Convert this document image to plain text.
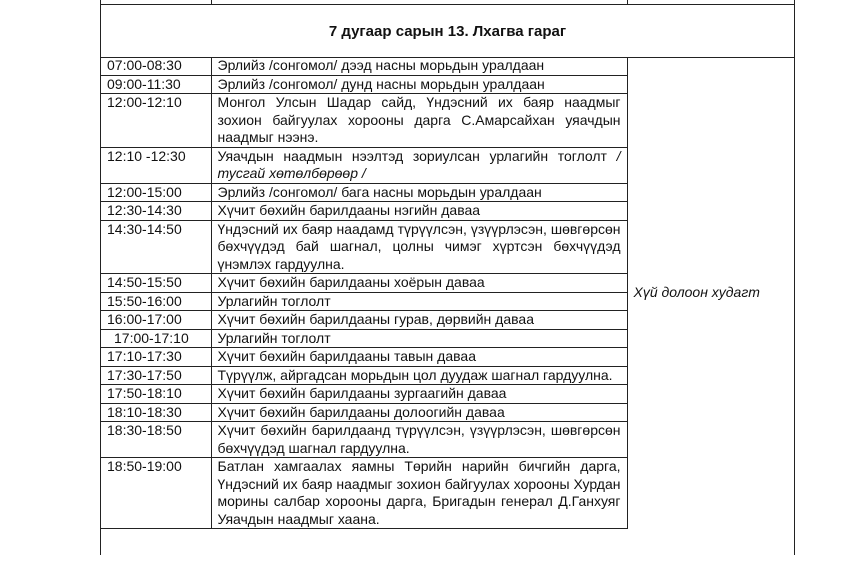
7 дугаар сарын 13. Лхагва гараг
07:00-08:30	Эрлийз /сонгомол/ дээд насны морьдын уралдаан	Хүй долоон худагт
09:00-11:30	Эрлийз /сонгомол/ дунд насны морьдын уралдаан	
12:00-12:10	Монгол Улсын Шадар сайд, Үндэсний их баяр наадмыг зохион байгуулах хорооны дарга С.Амарсайхан уяачдын наадмыг нээнэ.	
12:10 -12:30	Уяачдын наадмын нээлтэд зориулсан урлагийн тоглолт / тусгай хөтөлбөрөөр /	
12:00-15:00	Эрлийз /сонгомол/ бага насны морьдын уралдаан	
12:30-14:30	Хүчит бөхийн барилдааны нэгийн даваа	
14:30-14:50	Үндэсний их баяр наадамд түрүүлсэн, үзүүрлэсэн, шөвгөрсөн бөхчүүдэд бай шагнал, цолны чимэг хүртсэн бөхчүүдэд үнэмлэх гардуулна.	
14:50-15:50	Хүчит бөхийн барилдааны хоёрын даваа	
15:50-16:00	Урлагийн тоглолт	
16:00-17:00	Хүчит бөхийн барилдааны гурав, дөрвийн даваа	
17:00-17:10	Урлагийн тоглолт	
17:10-17:30	Хүчит бөхийн барилдааны тавын даваа	
17:30-17:50	Түрүүлж, айргадсан морьдын цол дуудаж шагнал гардуулна.	
17:50-18:10	Хүчит бөхийн барилдааны зургаагийн даваа	
18:10-18:30	Хүчит бөхийн барилдааны долоогийн даваа	
18:30-18:50	Хүчит бөхийн барилдаанд түрүүлсэн, үзүүрлэсэн, шөвгөрсөн бөхчүүдэд шагнал гардуулна.	
18:50-19:00	Батлан хамгаалах яамны Төрийн нарийн бичгийн дарга, Үндэсний их баяр наадмыг зохион байгуулах хорооны Хурдан морины салбар хорооны дарга, Бригадын генерал Д.Ганхуяг Уяачдын наадмыг хаана.	
